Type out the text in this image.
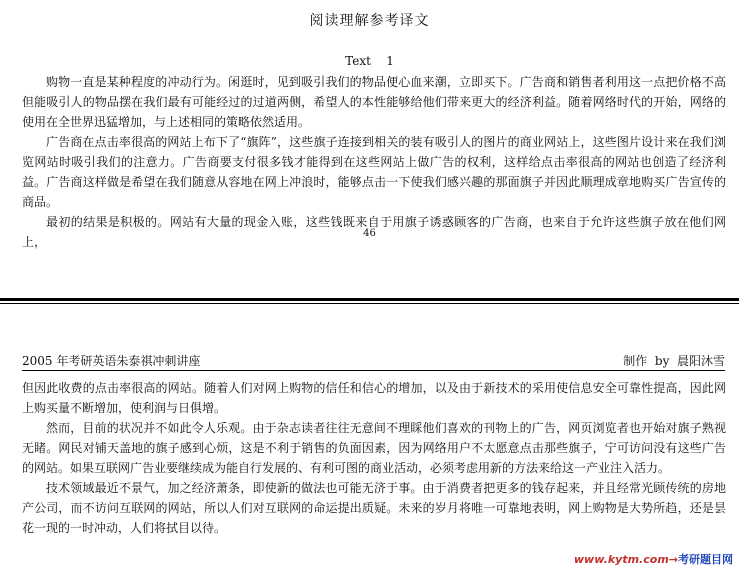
阅读理解参考译文
Text    1

购物一直是某种程度的冲动行为。闲逛时，见到吸引我们的物品便心血来潮，立即买下。广告商和销售者利用这一点把价格不高但能吸引人的物品摆在我们最有可能经过的过道两侧，希望人的本性能够给他们带来更大的经济利益。随着网络时代的开始，网络的使用在全世界迅猛增加，与上述相同的策略依然适用。

广告商在点击率很高的网站上布下了“旗阵”，这些旗子连接到相关的装有吸引人的图片的商业网站上，这些图片设计来在我们浏览网站时吸引我们的注意力。广告商要支付很多钱才能得到在这些网站上做广告的权利，这样给点击率很高的网站也创造了经济利益。广告商这样做是希望在我们随意从容地在网上冲浪时，能够点击一下使我们感兴趣的那面旗子并因此顺理成章地购买广告宣传的商品。

最初的结果是积极的。网站有大量的现金入账，这些钱既来自于用旗子诱惑顾客的广告商，也来自于允许这些旗子放在他们网上，

46
2005 年考研英语朱泰祺冲刺讲座	制作  by  晨阳沐雪

但因此收费的点击率很高的网站。随着人们对网上购物的信任和信心的增加，以及由于新技术的采用使信息安全可靠性提高，因此网上购买量不断增加，使利润与日俱增。

然而，目前的状况并不如此令人乐观。由于杂志读者往往无意间不理睬他们喜欢的刊物上的广告，网页浏览者也开始对旗子熟视无睹。网民对铺天盖地的旗子感到心烦，这是不利于销售的负面因素，因为网络用户不太愿意点击那些旗子，宁可访问没有这些广告的网站。如果互联网广告业要继续成为能自行发展的、有利可图的商业活动，必须考虑用新的方法来给这一产业注入活力。

技术领域最近不景气，加之经济萧条，即使新的做法也可能无济于事。由于消费者把更多的钱存起来，并且经常光顾传统的房地产公司，而不访问互联网的网站，所以人们对互联网的命运提出质疑。未来的岁月将唯一可靠地表明，网上购物是大势所趋，还是昙花一现的一时冲动，人们将拭目以待。

www.kytm.com→考研题目网
